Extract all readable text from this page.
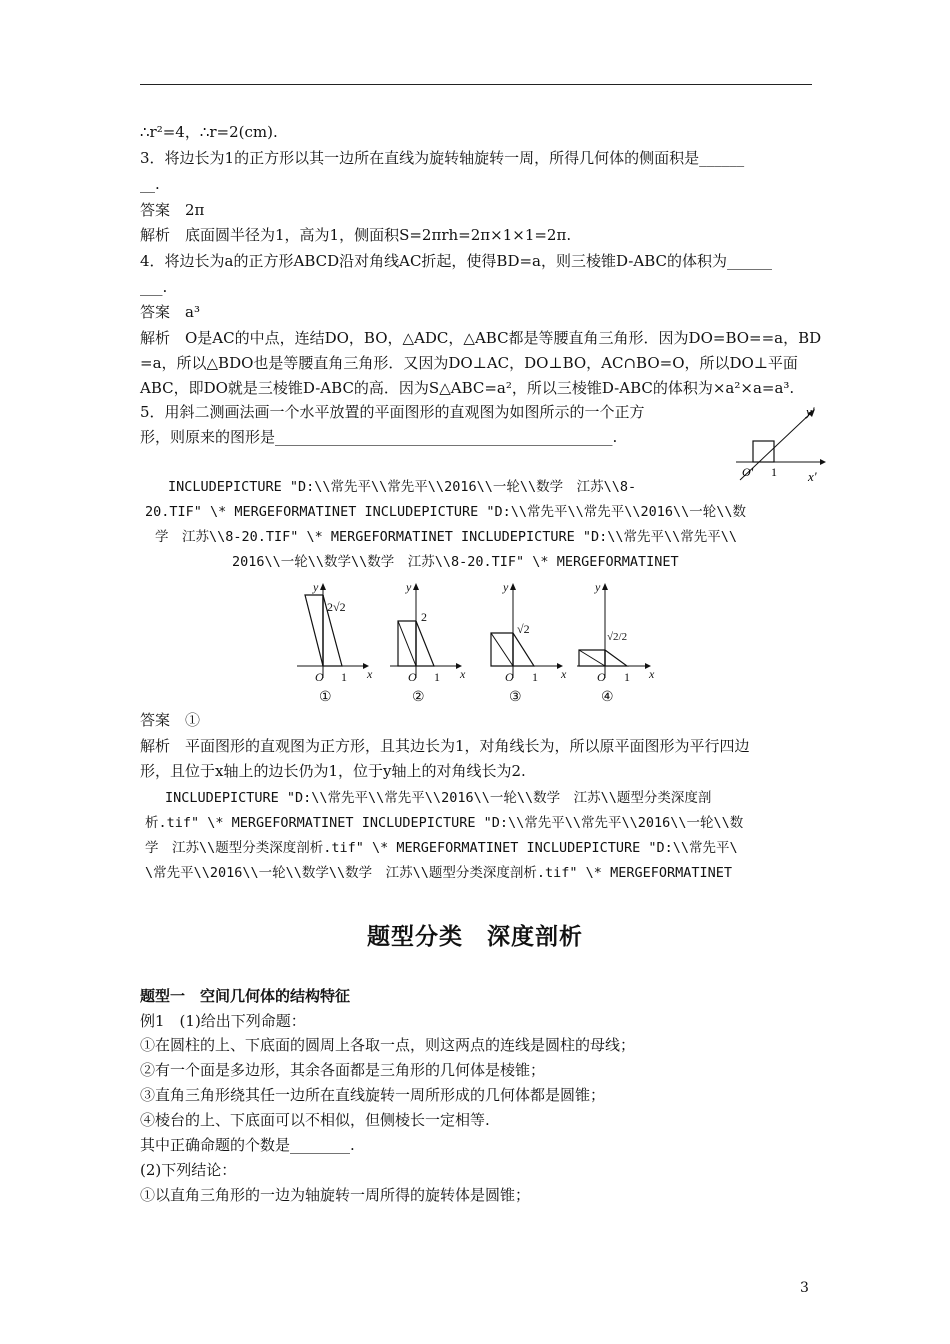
∴r²=4，∴r=2(cm).
3．将边长为1的正方形以其一边所在直线为旋转轴旋转一周，所得几何体的侧面积是______
__.
答案　2π
解析　底面圆半径为1，高为1，侧面积S=2πrh=2π×1×1=2π.
4．将边长为a的正方形ABCD沿对角线AC折起，使得BD=a，则三棱锥D-ABC的体积为______
___.
答案　a³
解析　O是AC的中点，连结DO，BO，△ADC，△ABC都是等腰直角三角形．因为DO=BO==a，BD
=a，所以△BDO也是等腰直角三角形．又因为DO⊥AC，DO⊥BO，AC∩BO=O，所以DO⊥平面
ABC，即DO就是三棱锥D-ABC的高．因为S△ABC=a²，所以三棱锥D-ABC的体积为×a²×a=a³.
5．用斜二测画法画一个水平放置的平面图形的直观图为如图所示的一个正方
形，则原来的图形是_____________________________________________.
y'
x'
O' 1
INCLUDEPICTURE "D:\\常先平\\常先平\\2016\\一轮\\数学　江苏\\8-
20.TIF" \* MERGEFORMATINET INCLUDEPICTURE "D:\\常先平\\常先平\\2016\\一轮\\数
学　江苏\\8-20.TIF" \* MERGEFORMATINET INCLUDEPICTURE "D:\\常先平\\常先平\\
2016\\一轮\\数学\\数学　江苏\\8-20.TIF" \* MERGEFORMATINET
y
x
O 1
2√2
①
y
x
O 1
2
②
y
x
O 1
√2
③
y
x
O 1
√2/2
④
答案　①
解析　平面图形的直观图为正方形，且其边长为1，对角线长为，所以原平面图形为平行四边
形，且位于x轴上的边长仍为1，位于y轴上的对角线长为2.
INCLUDEPICTURE "D:\\常先平\\常先平\\2016\\一轮\\数学　江苏\\题型分类深度剖
析.tif" \* MERGEFORMATINET INCLUDEPICTURE "D:\\常先平\\常先平\\2016\\一轮\\数
学　江苏\\题型分类深度剖析.tif" \* MERGEFORMATINET INCLUDEPICTURE "D:\\常先平\
\常先平\\2016\\一轮\\数学\\数学　江苏\\题型分类深度剖析.tif" \* MERGEFORMATINET
题型分类　深度剖析
题型一　空间几何体的结构特征
例1　(1)给出下列命题：
①在圆柱的上、下底面的圆周上各取一点，则这两点的连线是圆柱的母线；
②有一个面是多边形，其余各面都是三角形的几何体是棱锥；
③直角三角形绕其任一边所在直线旋转一周所形成的几何体都是圆锥；
④棱台的上、下底面可以不相似，但侧棱长一定相等.
其中正确命题的个数是________.
(2)下列结论：
①以直角三角形的一边为轴旋转一周所得的旋转体是圆锥；
3
